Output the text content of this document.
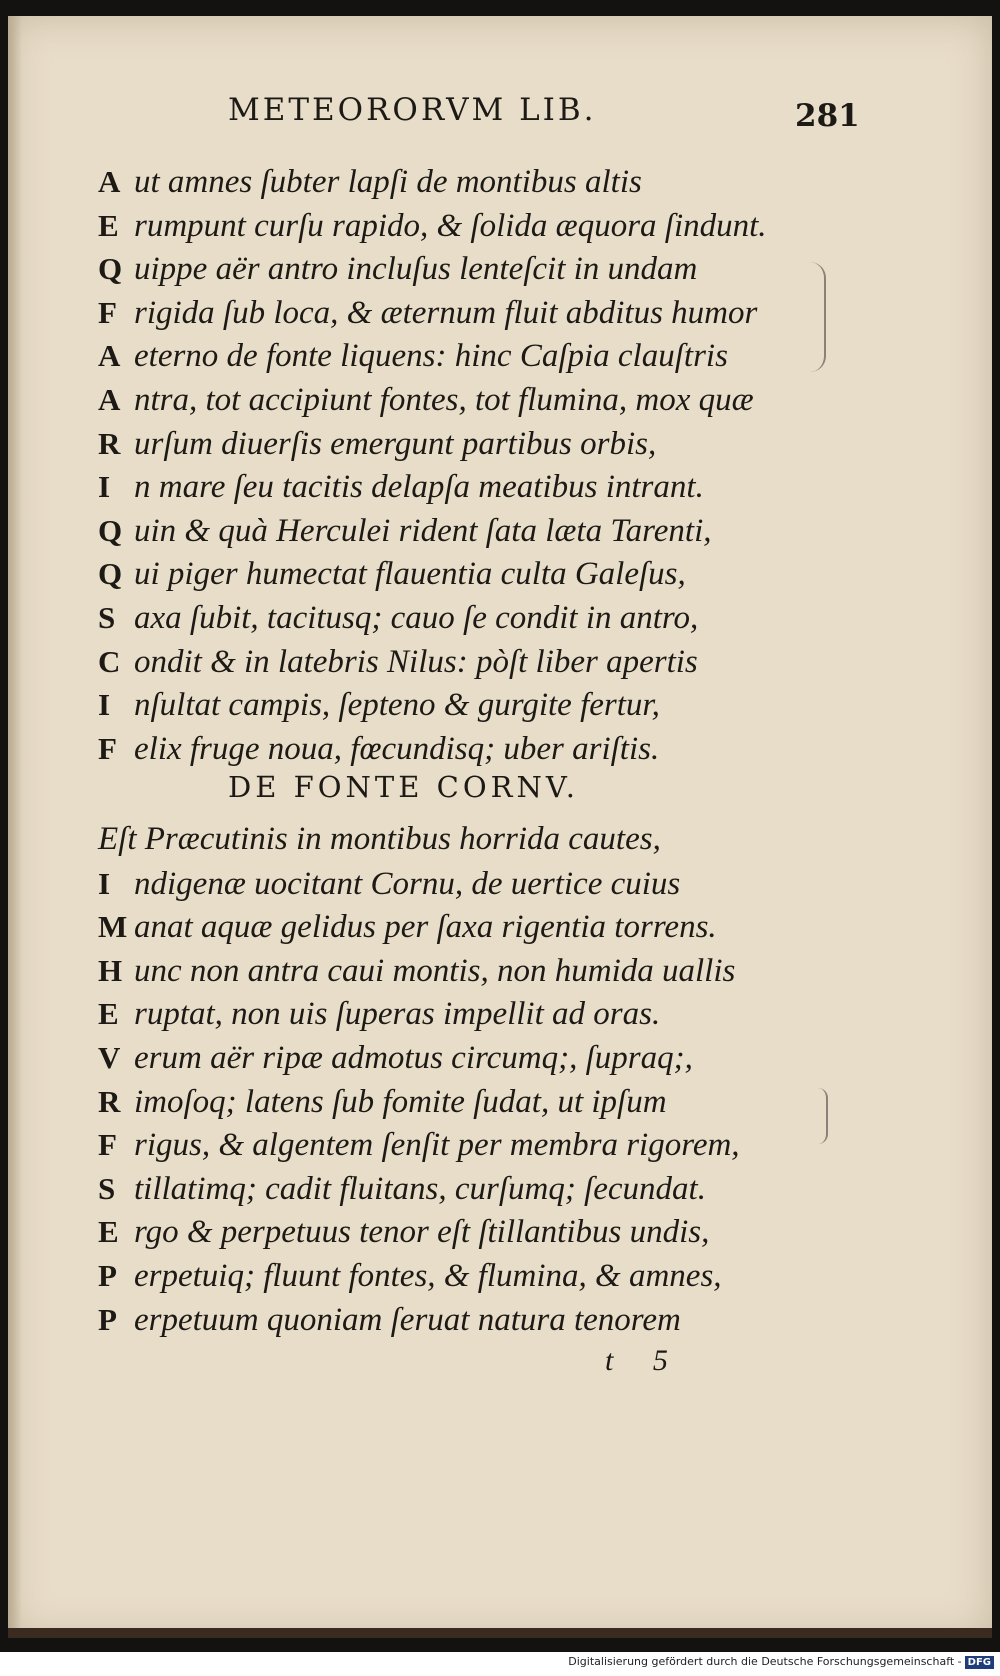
METEORORVM LIB.	281
A ut amnes ſubter lapſi de montibus altis
E rumpunt curſu rapido, & ſolida æquora ſindunt.
Q uippe aër antro incluſus lenteſcit in undam
F rigida ſub loca, & æternum fluit abditus humor
A eterno de fonte liquens: hinc Caſpia clauſtris
A ntra, tot accipiunt fontes, tot flumina, mox quæ
R urſum diuerſis emergunt partibus orbis,
I n mare ſeu tacitis delapſa meatibus intrant.
Q uin & quà Herculei rident ſata læta Tarenti,
Q ui piger humectat flauentia culta Galeſus,
S axa ſubit, tacitusq; cauo ſe condit in antro,
C ondit & in latebris Nilus: pòſt liber apertis
I nſultat campis, ſepteno & gurgite fertur,
F elix fruge noua, fœcundisq; uber ariſtis.
DE FONTE CORNV.
Eſt Præcutinis in montibus horrida cautes,
I ndigenæ uocitant Cornu, de uertice cuius
M anat aquæ gelidus per ſaxa rigentia torrens.
H unc non antra caui montis, non humida uallis
E ruptat, non uis ſuperas impellit ad oras.
V erum aër ripæ admotus circumq;, ſupraq;,
R imoſoq; latens ſub fomite ſudat, ut ipſum
F rigus, & algentem ſenſit per membra rigorem,
S tillatimq; cadit fluitans, curſumq; ſecundat.
E rgo & perpetuus tenor eſt ſtillantibus undis,
P erpetuiq; fluunt fontes, & flumina, & amnes,
P erpetuum quoniam ſeruat natura tenorem
t 5
Digitalisierung gefördert durch die Deutsche Forschungsgemeinschaft - DFG
